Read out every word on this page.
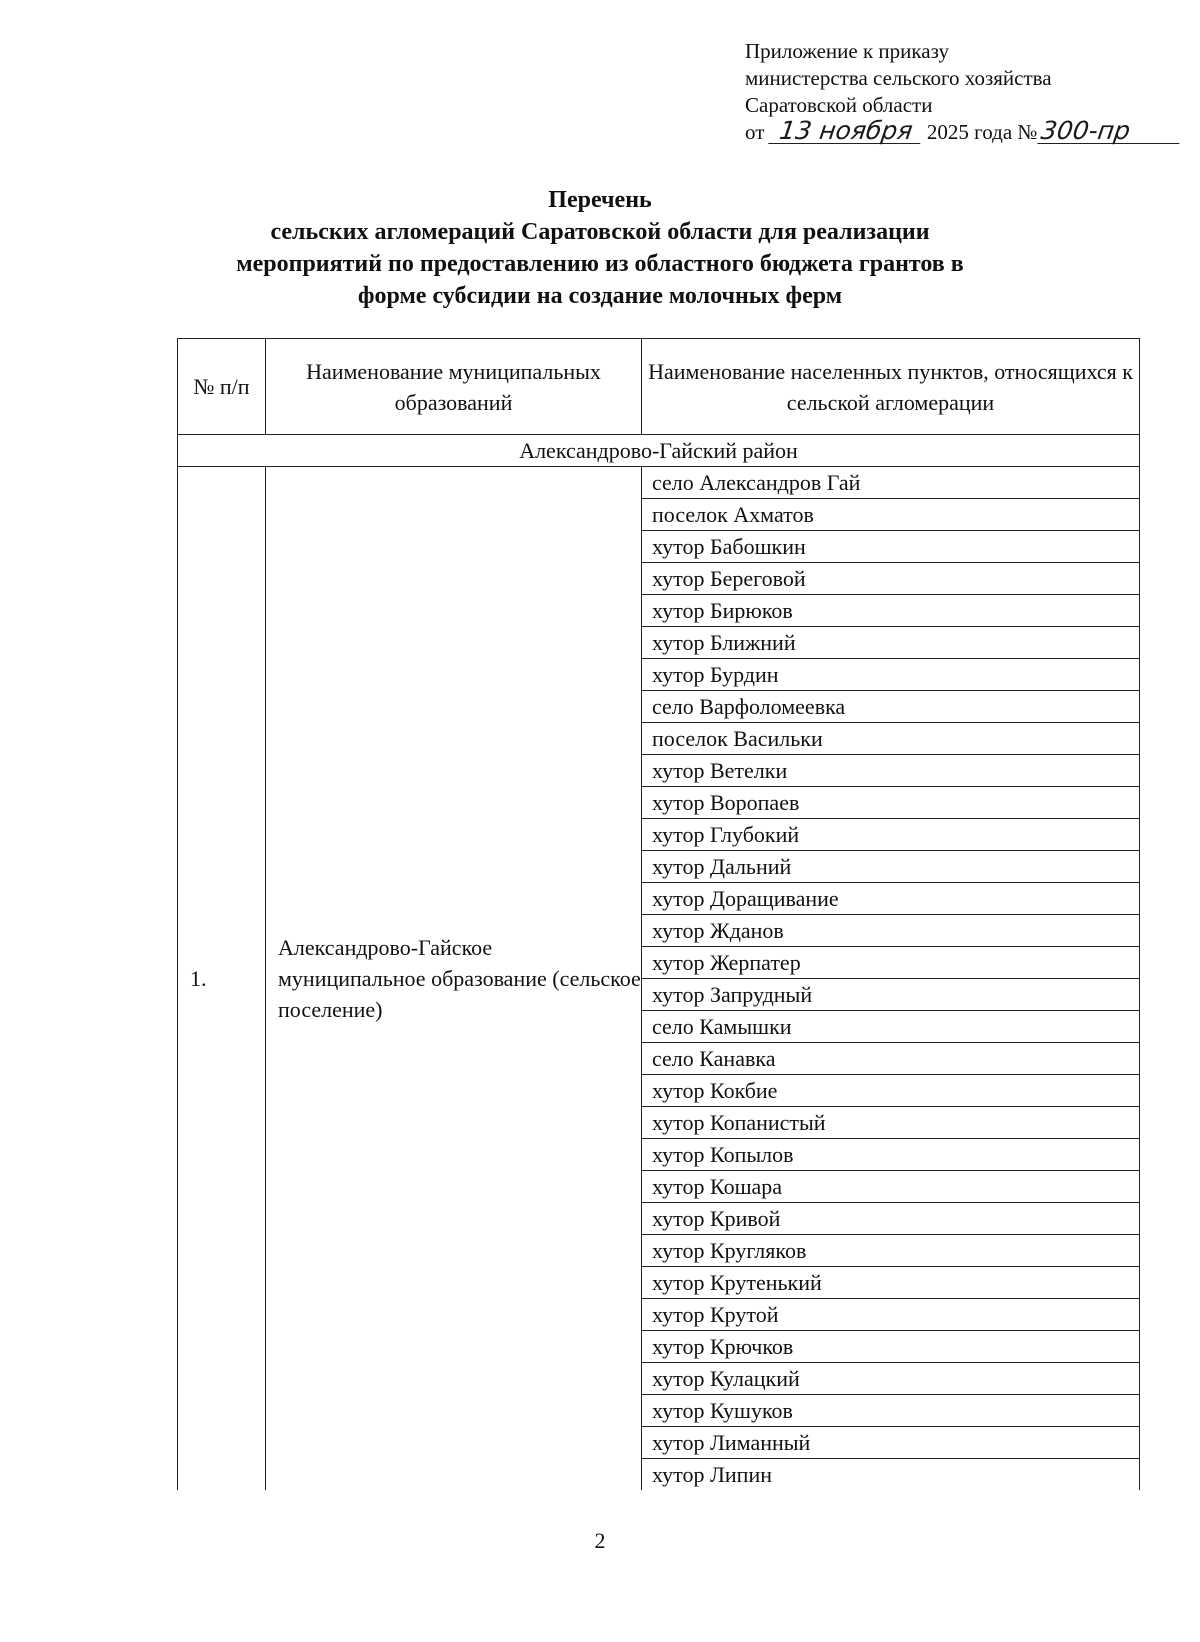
Приложение к приказу
министерства сельского хозяйства
Саратовской области
от 13 ноября 2025 года №300-пр
Перечень
сельских агломераций Саратовской области для реализации
мероприятий по предоставлению из областного бюджета грантов в
форме субсидии на создание молочных ферм
№ п/п	Наименование муниципальных образований	Наименование населенных пунктов, относящихся к сельской агломерации
Александрово-Гайский район		
1.	Александрово-Гайское муниципальное образование (сельское поселение)	село Александров Гай
		поселок Ахматов
		хутор Бабошкин
		хутор Береговой
		хутор Бирюков
		хутор Ближний
		хутор Бурдин
		село Варфоломеевка
		поселок Васильки
		хутор Ветелки
		хутор Воропаев
		хутор Глубокий
		хутор Дальний
		хутор Доращивание
		хутор Жданов
		хутор Жерпатер
		хутор Запрудный
		село Камышки
		село Канавка
		хутор Кокбие
		хутор Копанистый
		хутор Копылов
		хутор Кошара
		хутор Кривой
		хутор Кругляков
		хутор Крутенький
		хутор Крутой
		хутор Крючков
		хутор Кулацкий
		хутор Кушуков
		хутор Лиманный
		хутор Липин
2
